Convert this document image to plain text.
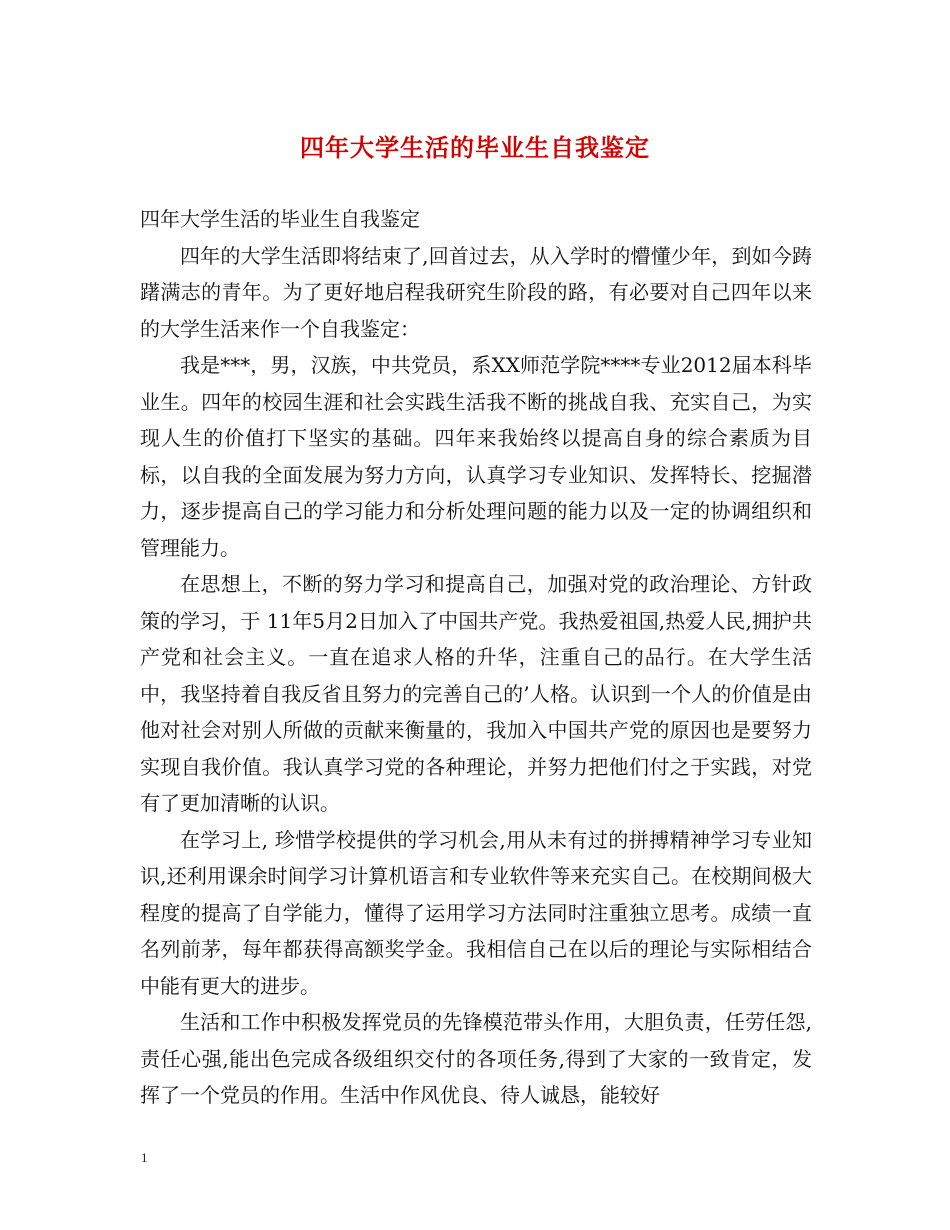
四年大学生活的毕业生自我鉴定

四年大学生活的毕业生自我鉴定

四年的大学生活即将结束了,回首过去，从入学时的懵懂少年，到如今踌躇满志的青年。为了更好地启程我研究生阶段的路，有必要对自己四年以来的大学生活来作一个自我鉴定：

我是***，男，汉族，中共党员，系XX师范学院****专业2012届本科毕业生。四年的校园生涯和社会实践生活我不断的挑战自我、充实自己，为实现人生的价值打下坚实的基础。四年来我始终以提高自身的综合素质为目标，以自我的全面发展为努力方向，认真学习专业知识、发挥特长、挖掘潜力，逐步提高自己的学习能力和分析处理问题的能力以及一定的协调组织和管理能力。

在思想上，不断的努力学习和提高自己，加强对党的政治理论、方针政策的学习，于 11年5月2日加入了中国共产党。我热爱祖国,热爱人民,拥护共产党和社会主义。一直在追求人格的升华，注重自己的品行。在大学生活中，我坚持着自我反省且努力的完善自己的’人格。认识到一个人的价值是由他对社会对别人所做的贡献来衡量的，我加入中国共产党的原因也是要努力实现自我价值。我认真学习党的各种理论，并努力把他们付之于实践，对党有了更加清晰的认识。

在学习上, 珍惜学校提供的学习机会,用从未有过的拼搏精神学习专业知识,还利用课余时间学习计算机语言和专业软件等来充实自己。在校期间极大程度的提高了自学能力，懂得了运用学习方法同时注重独立思考。成绩一直名列前茅，每年都获得高额奖学金。我相信自己在以后的理论与实际相结合中能有更大的进步。

生活和工作中积极发挥党员的先锋模范带头作用，大胆负责，任劳任怨,责任心强,能出色完成各级组织交付的各项任务,得到了大家的一致肯定，发挥了一个党员的作用。生活中作风优良、待人诚恳，能较好

1
